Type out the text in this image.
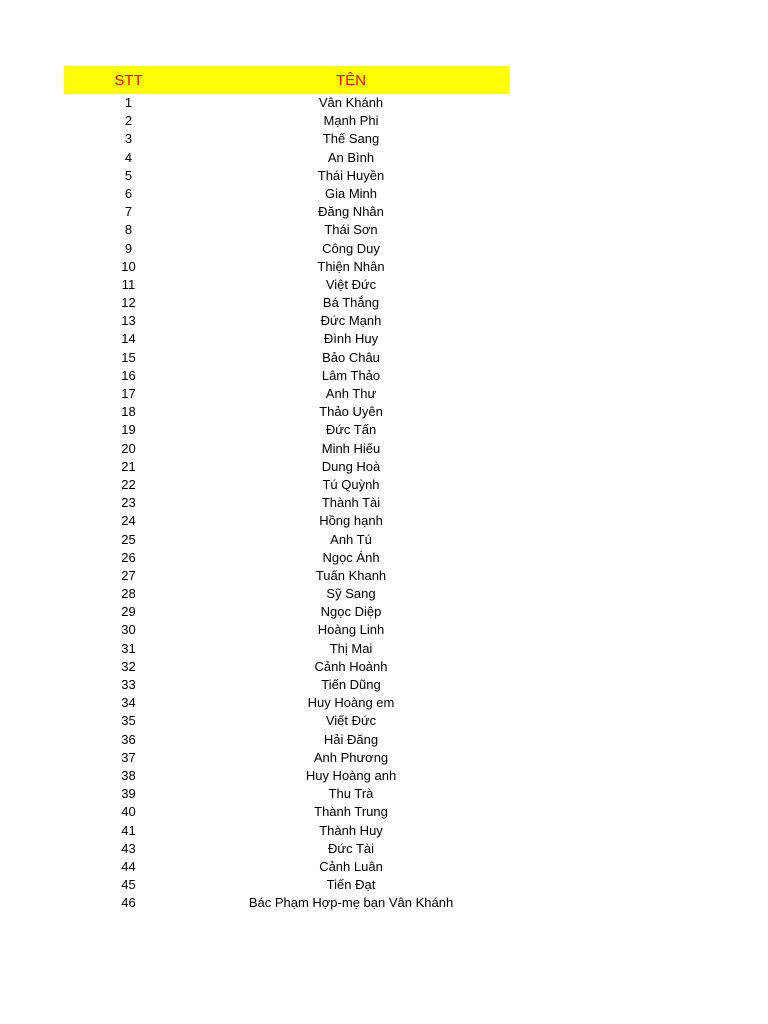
STT	TÊN
1	Vân Khánh
2	Mạnh Phi
3	Thế Sang
4	An Bình
5	Thái Huyền
6	Gia Minh
7	Đăng Nhân
8	Thái Sơn
9	Công Duy
10	Thiện Nhân
11	Việt Đức
12	Bá Thắng
13	Đức Mạnh
14	Đình Huy
15	Bảo Châu
16	Lâm Thảo
17	Anh Thư
18	Thảo Uyên
19	Đức Tấn
20	Minh Hiếu
21	Dung Hoà
22	Tú Quỳnh
23	Thành Tài
24	Hồng hạnh
25	Anh Tú
26	Ngọc Ánh
27	Tuấn Khanh
28	Sỹ Sang
29	Ngọc Diệp
30	Hoàng Linh
31	Thị Mai
32	Cảnh Hoành
33	Tiến Dũng
34	Huy Hoàng em
35	Viết Đức
36	Hải Đăng
37	Anh Phương
38	Huy Hoàng anh
39	Thu Trà
40	Thành Trung
41	Thành Huy
43	Đức Tài
44	Cảnh Luân
45	Tiến Đạt
46	Bác Phạm Hợp-mẹ bạn Vân Khánh
